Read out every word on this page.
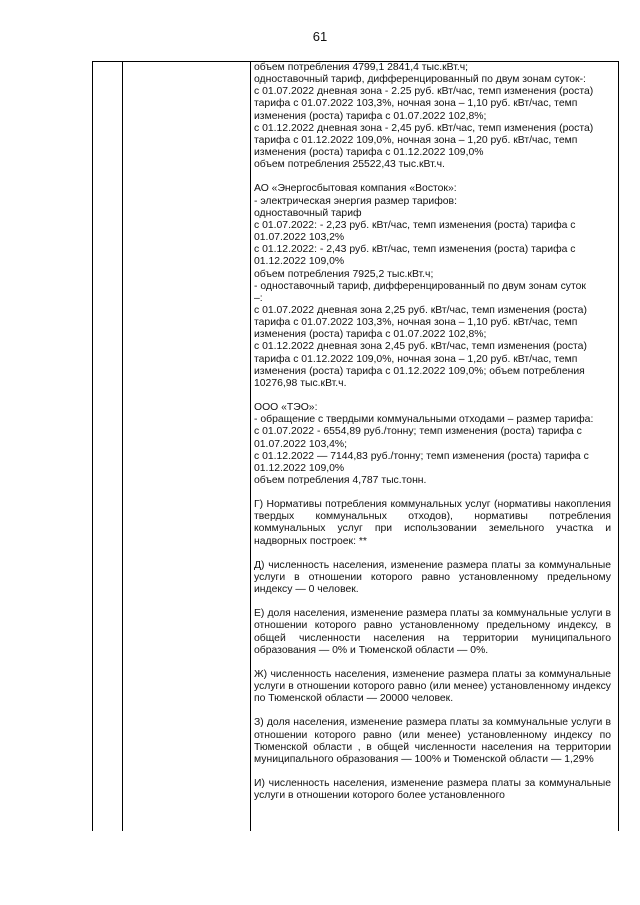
61
объем потребления 4799,1 2841,4 тыс.кВт.ч;
одноставочный тариф, дифференцированный по двум зонам суток-:
с 01.07.2022 дневная зона - 2.25 руб. кВт/час, темп изменения (роста)
тарифа с 01.07.2022 103,3%, ночная зона – 1,10 руб. кВт/час, темп
изменения (роста) тарифа с 01.07.2022 102,8%;
с 01.12.2022 дневная зона - 2,45 руб. кВт/час, темп изменения (роста)
тарифа с 01.12.2022 109,0%, ночная зона – 1,20 руб. кВт/час, темп
изменения (роста) тарифа с 01.12.2022 109,0%
объем потребления 25522,43 тыс.кВт.ч.
АО «Энергосбытовая компания «Восток»:
- электрическая энергия размер тарифов:
одноставочный тариф
с 01.07.2022: - 2,23 руб. кВт/час, темп изменения (роста) тарифа с
01.07.2022 103,2%
с 01.12.2022: - 2,43 руб. кВт/час, темп изменения (роста) тарифа с
01.12.2022 109,0%
объем потребления 7925,2 тыс.кВт.ч;
- одноставочный тариф, дифференцированный по двум зонам суток
–:
с 01.07.2022 дневная зона 2,25 руб. кВт/час, темп изменения (роста)
тарифа с 01.07.2022 103,3%, ночная зона – 1,10 руб. кВт/час, темп
изменения (роста) тарифа с 01.07.2022 102,8%;
с 01.12.2022 дневная зона 2,45 руб. кВт/час, темп изменения (роста)
тарифа с 01.12.2022 109,0%, ночная зона – 1,20 руб. кВт/час, темп
изменения (роста) тарифа с 01.12.2022 109,0%; объем потребления
10276,98 тыс.кВт.ч.
ООО «ТЭО»:
- обращение с твердыми коммунальными отходами – размер тарифа:
с 01.07.2022 - 6554,89 руб./тонну; темп изменения (роста) тарифа с
01.07.2022 103,4%;
с 01.12.2022 — 7144,83 руб./тонну; темп изменения (роста) тарифа с
01.12.2022 109,0%
объем потребления 4,787 тыс.тонн.

Г) Нормативы потребления коммунальных услуг (нормативы накопления твердых коммунальных отходов), нормативы потребления коммунальных услуг при использовании земельного участка и надворных построек: **

Д) численность населения, изменение размера платы за коммунальные услуги в отношении которого равно установленному предельному индексу — 0 человек.

Е) доля населения, изменение размера платы за коммунальные услуги в отношении которого равно установленному предельному индексу, в общей численности населения на территории муниципального образования — 0% и Тюменской области — 0%.

Ж) численность населения, изменение размера платы за коммунальные услуги в отношении которого равно (или менее) установленному индексу по Тюменской области — 20000 человек.

З) доля населения, изменение размера платы за коммунальные услуги в отношении которого равно (или менее) установленному индексу по Тюменской области , в общей численности населения на территории муниципального образования — 100% и Тюменской области — 1,29%

И) численность населения, изменение размера платы за коммунальные услуги в отношении которого более установленного
